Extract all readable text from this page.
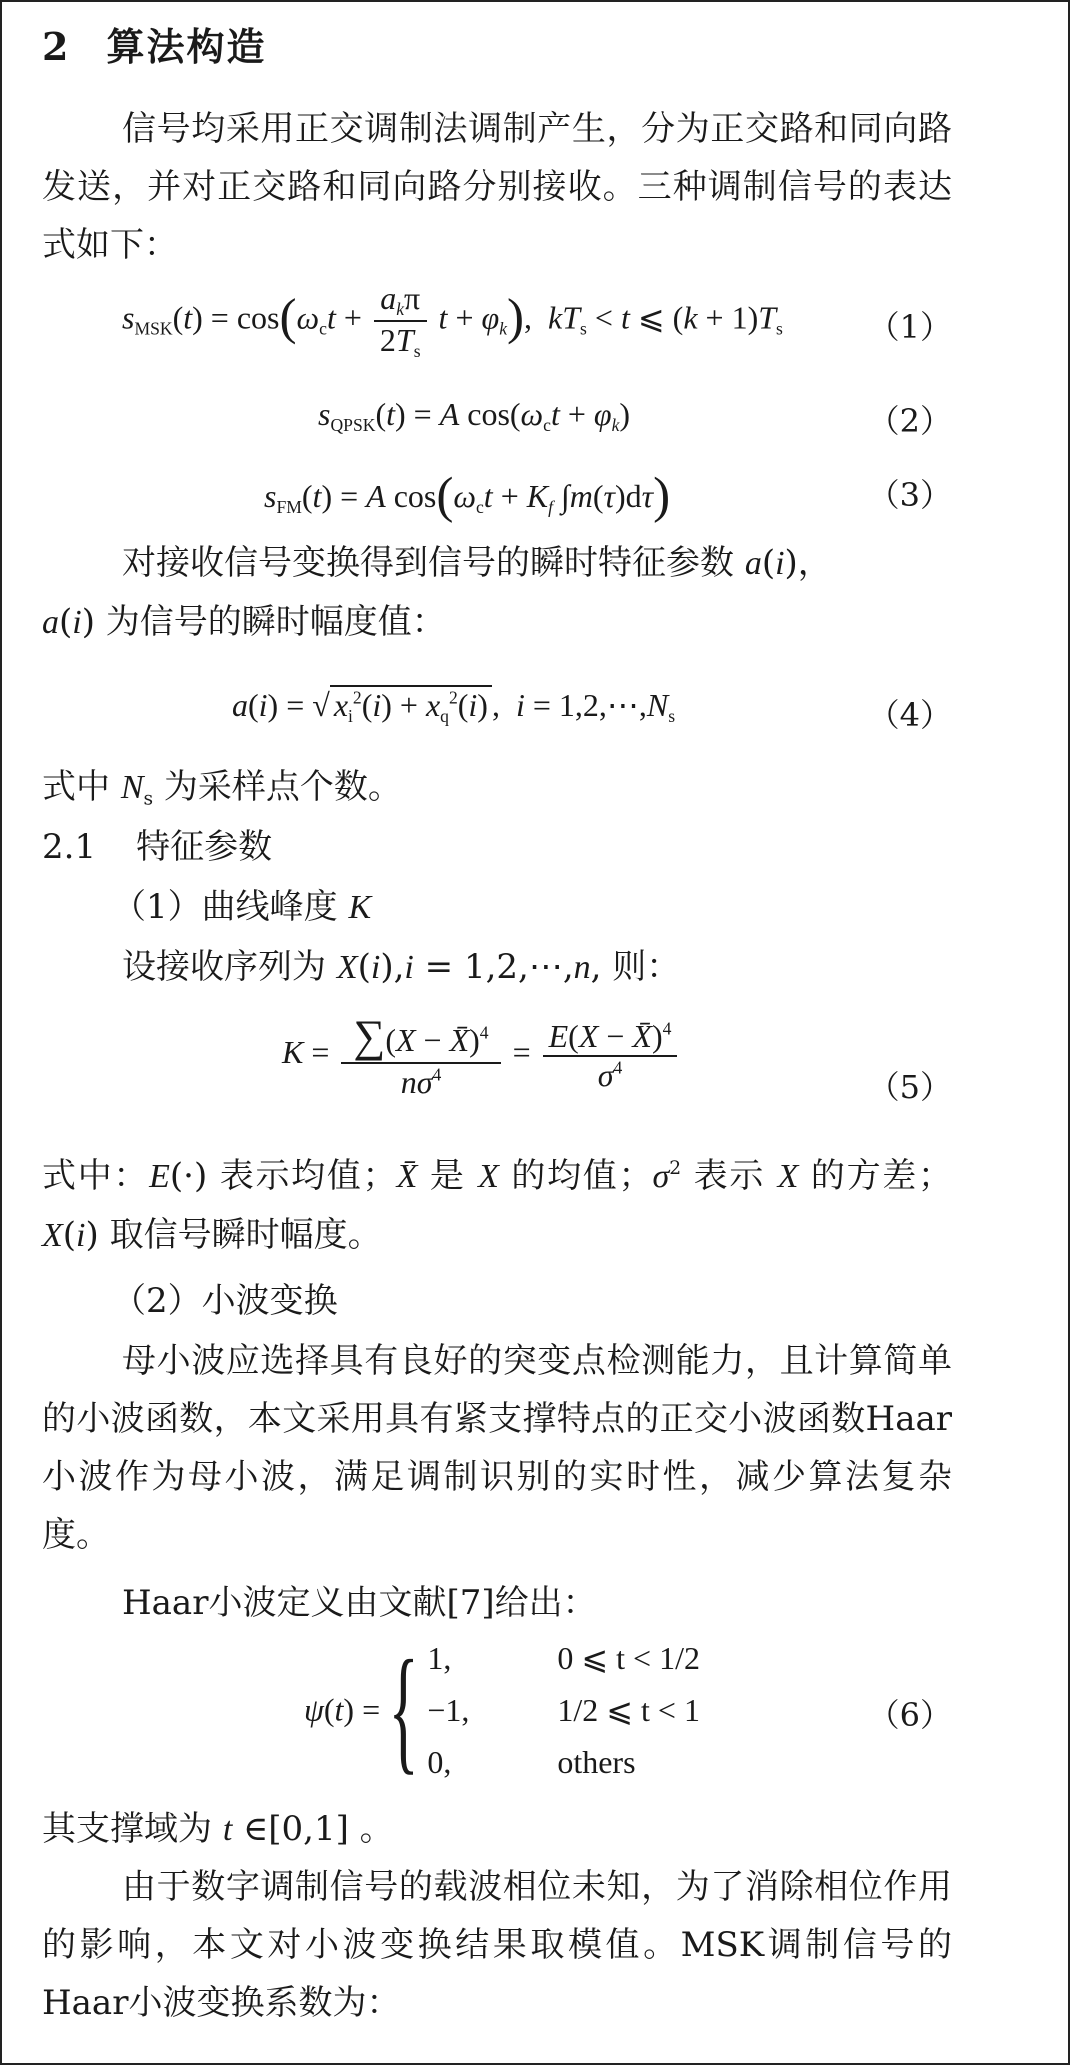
2 算法构造

信号均采用正交调制法调制产生，分为正交路和同向路发送，并对正交路和同向路分别接收。三种调制信号的表达式如下：

$s_{MSK}(t) = \cos(\omega_ct + \frac{a_k\pi}{2T_s}$ $t + \varphi_k$),  $kT_s < t$ ⩽ $(k + 1)T_s$	（1）
$s_{QPSK}(t) = A$ $\cos(\omega_ct + \varphi_k)$	（2）
$s_{FM}(t) = A$ $\cos(\omega_ct + K_f$ ∫m(τ)dτ)	（3）

对接收信号变换得到信号的瞬时特征参数 a(i)，
a(i) 为信号的瞬时幅度值：

a(i) = √ $x_i^2(i) + x_q^2(i)$ ,  $i = 1,2,\cdots,N_s$	（4）

式中 $N_s$ 为采样点个数。

2.1 特征参数
（1）曲线峰度 K
设接收序列为 X(i),i = 1,2,⋯,n, 则：
$K = \frac{\sum(X - X̄)^4}{n\sigma^4} = \frac{E(X - X̄)^4}{\sigma^4}$	（5）

式中：E(·) 表示均值；X̄ 是 X 的均值；$\sigma^2$ 表示 X 的方差；X(i) 取信号瞬时幅度。

（2）小波变换

母小波应选择具有良好的突变点检测能力，且计算简单的小波函数，本文采用具有紧支撑特点的正交小波函数Haar小波作为母小波，满足调制识别的实时性，减少算法复杂度。

Haar小波定义由文献[7]给出：
ψ(t) ={ 1,	0 ⩽ t < 1/2
−1,	1/2 ⩽ t < 1
0,	others
（6）

其支撑域为 t ∈[0,1] 。

由于数字调制信号的载波相位未知，为了消除相位作用的影响，本文对小波变换结果取模值。MSK调制信号的Haar小波变换系数为：
